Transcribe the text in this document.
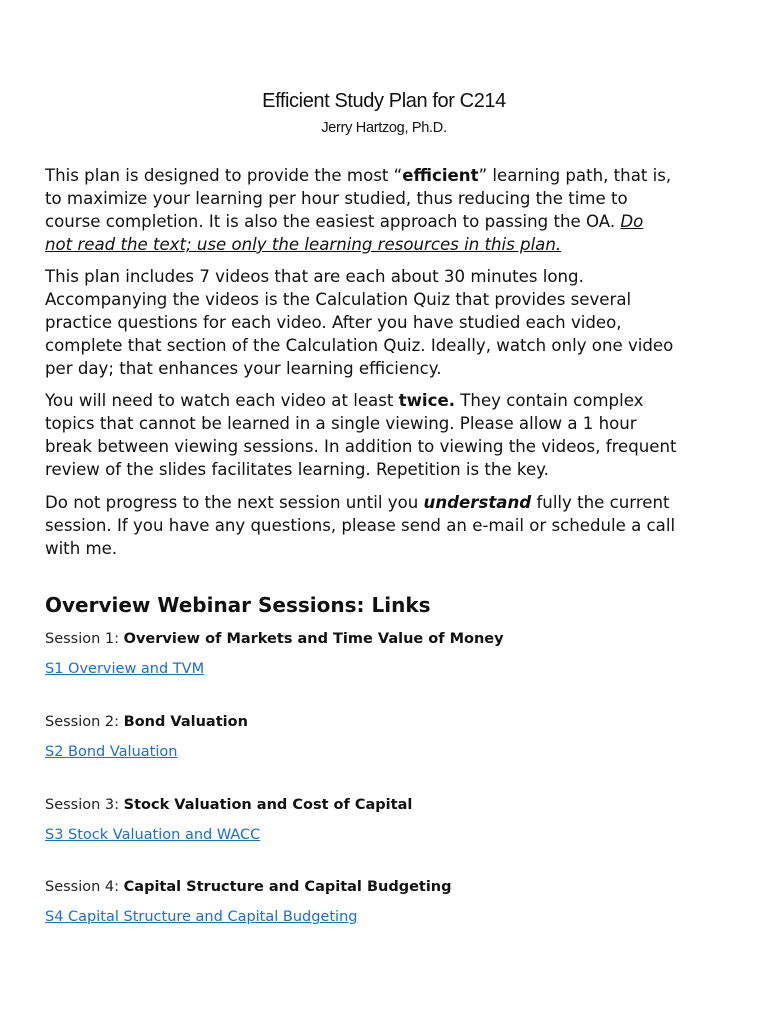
Efficient Study Plan for C214
Jerry Hartzog, Ph.D.
This plan is designed to provide the most “efficient” learning path, that is,
to maximize your learning per hour studied, thus reducing the time to
course completion. It is also the easiest approach to passing the OA. Do
not read the text; use only the learning resources in this plan.
This plan includes 7 videos that are each about 30 minutes long.
Accompanying the videos is the Calculation Quiz that provides several
practice questions for each video. After you have studied each video,
complete that section of the Calculation Quiz. Ideally, watch only one video
per day; that enhances your learning efficiency.
You will need to watch each video at least twice. They contain complex
topics that cannot be learned in a single viewing. Please allow a 1 hour
break between viewing sessions. In addition to viewing the videos, frequent
review of the slides facilitates learning. Repetition is the key.
Do not progress to the next session until you understand fully the current
session. If you have any questions, please send an e-mail or schedule a call
with me.
Overview Webinar Sessions: Links
Session 1: Overview of Markets and Time Value of Money
S1 Overview and TVM
Session 2: Bond Valuation
S2 Bond Valuation
Session 3: Stock Valuation and Cost of Capital
S3 Stock Valuation and WACC
Session 4: Capital Structure and Capital Budgeting
S4 Capital Structure and Capital Budgeting
